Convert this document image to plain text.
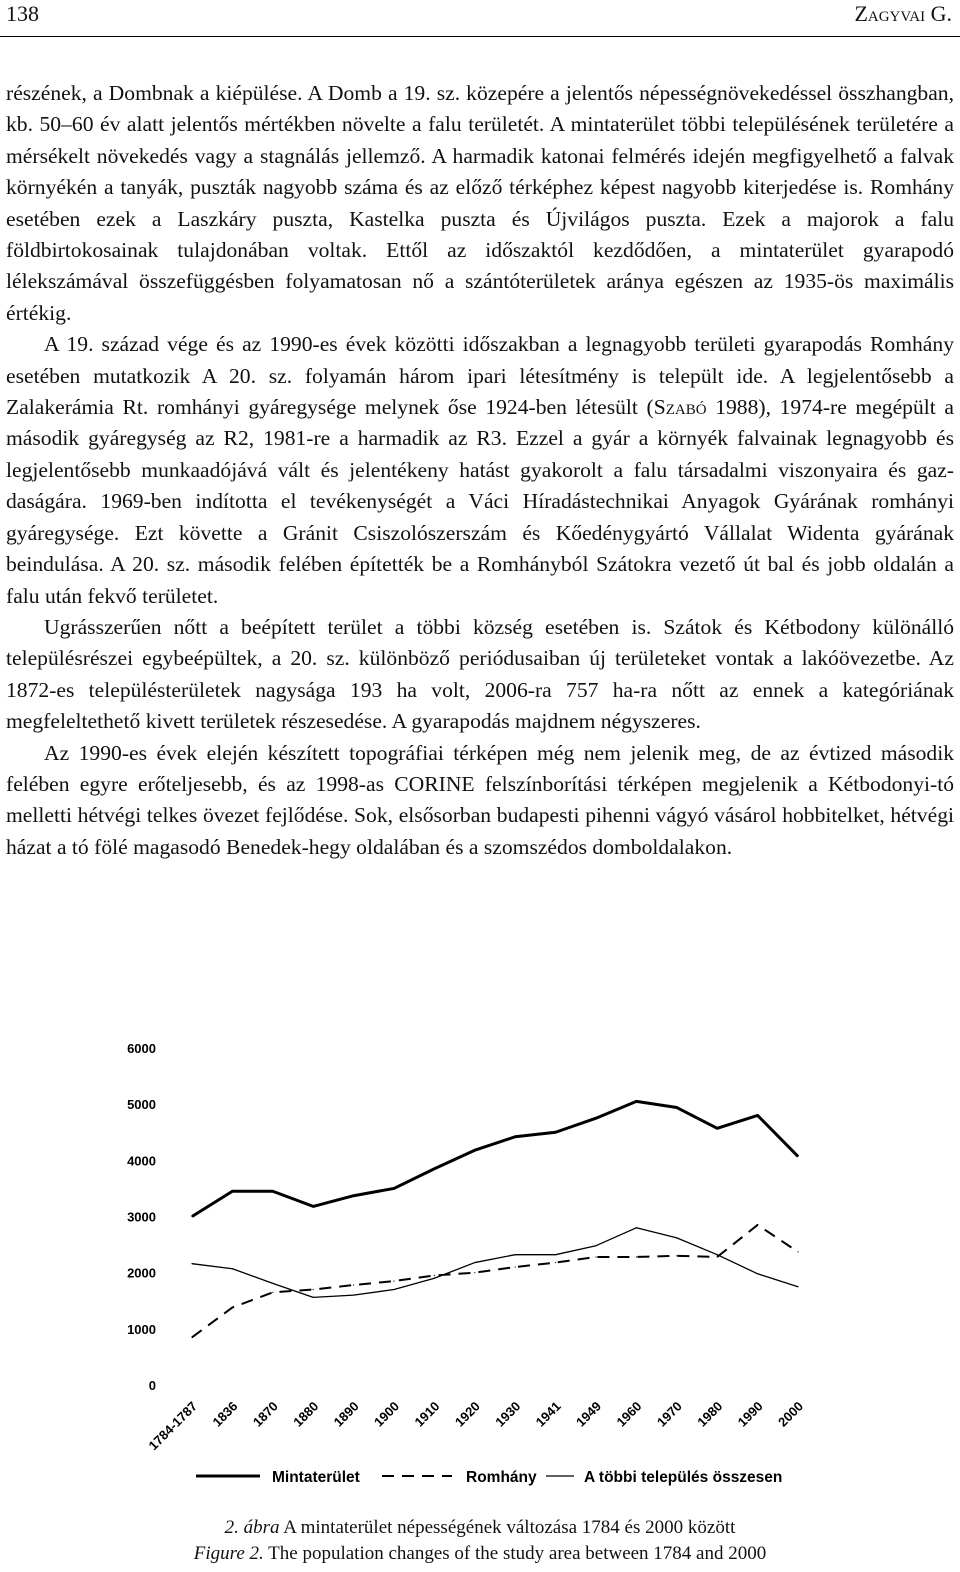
138	Zagyvai G.

részének, a Dombnak a kiépülése. A Domb a 19. sz. közepére a jelentős népességnövekedéssel összhangban, kb. 50–60 év alatt jelentős mértékben növelte a falu területét. A mintaterület többi településének területére a mérsékelt növekedés vagy a stagnálás jellemző. A harmadik katonai felmérés idején megfigyelhető a falvak környékén a tanyák, puszták nagyobb száma és az előző térképhez képest nagyobb kiterjedése is. Romhány esetében ezek a Laszkáry puszta, Kastelka puszta és Újvilágos puszta. Ezek a majorok a falu földbirtokosainak tulajdonában voltak. Ettől az időszaktól kezdődően, a mintaterület gyarapodó lélekszámával összefüggésben folyamatosan nő a szántóterületek aránya egészen az 1935-ös maximális értékig.

A 19. század vége és az 1990-es évek közötti időszakban a legnagyobb területi gyarapodás Romhány esetében mutatkozik A 20. sz. folyamán három ipari létesítmény is települt ide. A legjelentősebb a Zalakerámia Rt. romhányi gyáregysége melynek őse 1924-ben létesült (Szabó 1988), 1974-re megépült a második gyáregység az R2, 1981-re a harmadik az R3. Ezzel a gyár a környék falvainak legnagyobb és legjelentősebb munkaadójává vált és jelentékeny hatást gyakorolt a falu társadalmi viszonyaira és gazdaságára. 1969-ben indította el tevékenységét a Váci Híradástechnikai Anyagok Gyárának romhányi gyáregysége. Ezt követte a Gránit Csiszolószerszám és Kőedénygyártó Vállalat Widenta gyárának beindulása. A 20. sz. második felében építették be a Romhányból Szátokra vezető út bal és jobb oldalán a falu után fekvő területet.

Ugrásszerűen nőtt a beépített terület a többi község esetében is. Szátok és Kétbodony különálló településrészei egybeépültek, a 20. sz. különböző periódusaiban új területeket vontak a lakóövezetbe. Az 1872-es településterületek nagysága 193 ha volt, 2006-ra 757 ha-ra nőtt az ennek a kategóriának megfeleltethető kivett területek részesedése. A gyarapodás majdnem négyszeres.

Az 1990-es évek elején készített topográfiai térképen még nem jelenik meg, de az évtized második felében egyre erőteljesebb, és az 1998-as CORINE felszínborítási térképen megjelenik a Kétbodonyi-tó melletti hétvégi telkes övezet fejlődése. Sok, elsősorban budapesti pihenni vágyó vásárol hobbitelket, hétvégi házat a tó fölé magasodó Benedek-hegy oldalában és a szomszédos domboldalakon.

0
1000
2000
3000
4000
5000
6000
1784-1787 1836 1870 1880 1890 1900 1910 1920 1930 1941 1949 1960 1970 1980 1990 2000
Mintaterület	Romhány	A többi település összesen
2. ábra A mintaterület népességének változása 1784 és 2000 között
Figure 2. The population changes of the study area between 1784 and 2000
